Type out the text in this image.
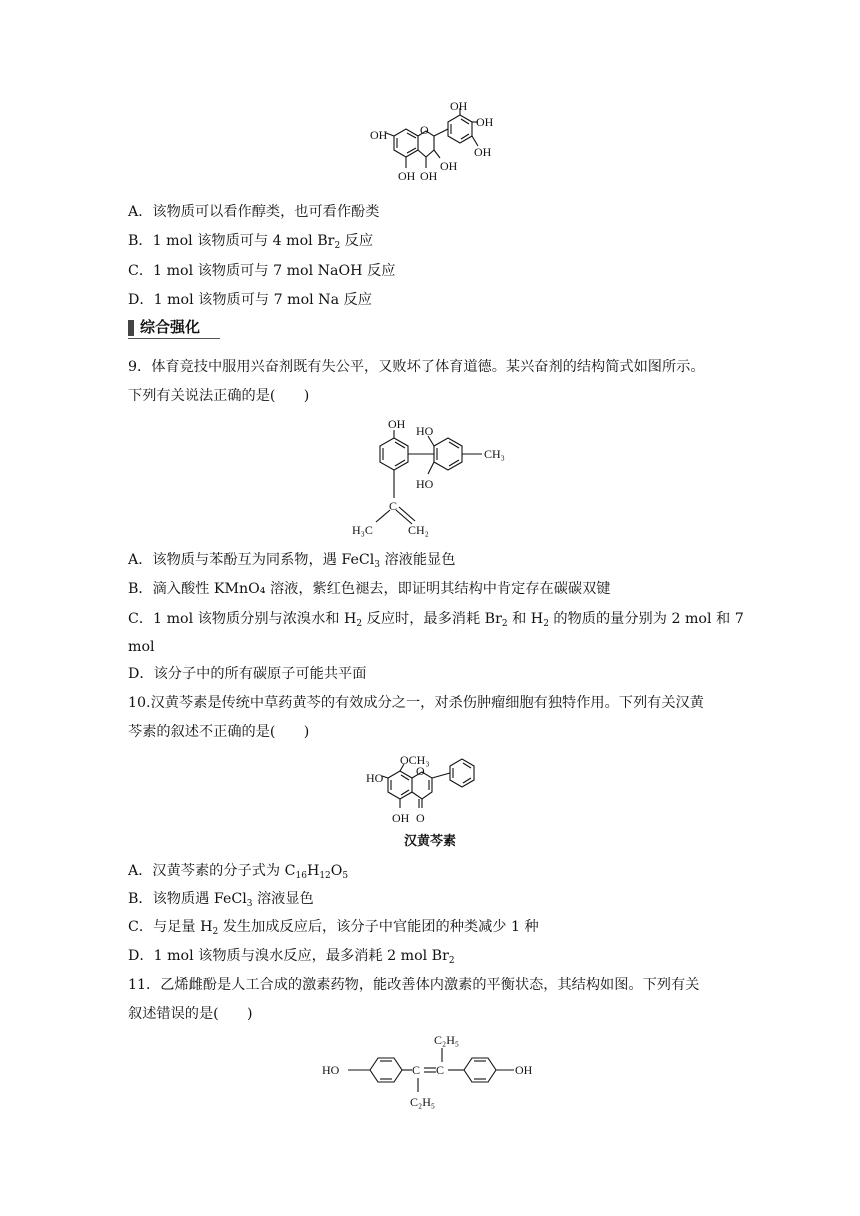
OH	O
OH
OH
OH
OH OH
OH
A．该物质可以看作醇类，也可看作酚类
B．1 mol 该物质可与 4 mol $Br_2$ 反应
C．1 mol 该物质可与 7 mol NaOH 反应
D．1 mol 该物质可与 7 mol Na 反应
综合强化
9．体育竞技中服用兴奋剂既有失公平，又败坏了体育道德。某兴奋剂的结构简式如图所示。
下列有关说法正确的是(　　)
OH HO
CH₃
HO
C
H₃C	CH₂
A．该物质与苯酚互为同系物，遇 FeCl$_3$ 溶液能显色
B．滴入酸性 KMnO₄ 溶液，紫红色褪去，即证明其结构中肯定存在碳碳双键
C．1 mol 该物质分别与浓溴水和 $H_2$ 反应时，最多消耗 $Br_2$ 和 $H_2$ 的物质的量分别为 2 mol 和 7
mol
D．该分子中的所有碳原子可能共平面
10.汉黄芩素是传统中草药黄芩的有效成分之一，对杀伤肿瘤细胞有独特作用。下列有关汉黄
芩素的叙述不正确的是(　　)
OCH₃
HO	O
OH O
汉黄芩素
A．汉黄芩素的分子式为 $C_{16}H_{12}O_5$
B．该物质遇 FeCl$_3$ 溶液显色
C．与足量 $H_2$ 发生加成反应后，该分子中官能团的种类减少 1 种
D．1 mol 该物质与溴水反应，最多消耗 2 mol $Br_2$
11．乙烯雌酚是人工合成的激素药物，能改善体内激素的平衡状态，其结构如图。下列有关
叙述错误的是(　　)
HO	C C	OH
C₂H₅
C₂H₅
